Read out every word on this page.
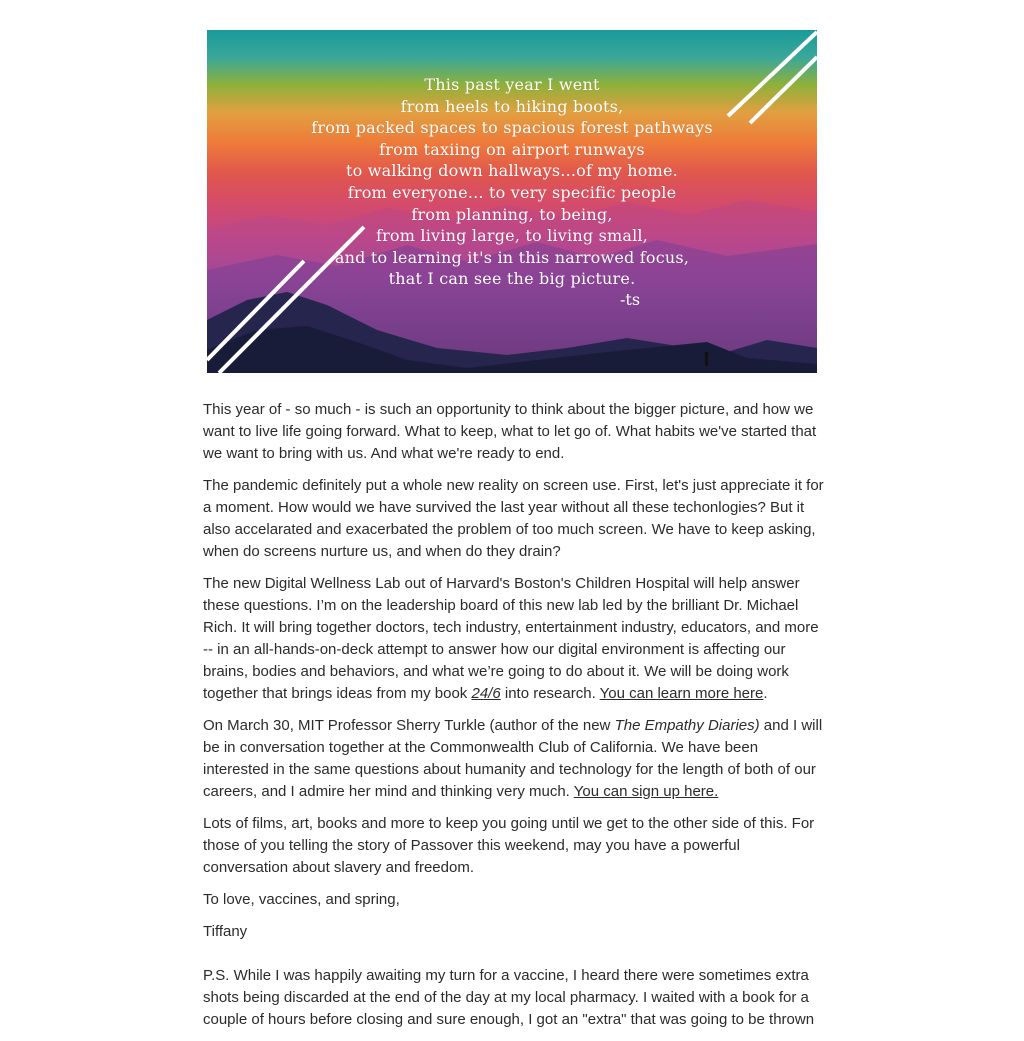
This past year I went
from heels to hiking boots,
from packed spaces to spacious forest pathways
from taxiing on airport runways
to walking down hallways...of my home.
from everyone... to very specific people
from planning, to being,
from living large, to living small,
and to learning it's in this narrowed focus,
that I can see the big picture.
-ts

This year of - so much - is such an opportunity to think about the bigger picture, and how we want to live life going forward. What to keep, what to let go of. What habits we've started that we want to bring with us. And what we're ready to end.

The pandemic definitely put a whole new reality on screen use. First, let's just appreciate it for a moment. How would we have survived the last year without all these techonlogies? But it also accelarated and exacerbated the problem of too much screen. We have to keep asking, when do screens nurture us, and when do they drain?

The new Digital Wellness Lab out of Harvard's Boston's Children Hospital will help answer these questions. I’m on the leadership board of this new lab led by the brilliant Dr. Michael Rich. It will bring together doctors, tech industry, entertainment industry, educators, and more -- in an all-hands-on-deck attempt to answer how our digital environment is affecting our brains, bodies and behaviors, and what we’re going to do about it. We will be doing work together that brings ideas from my book 24/6 into research. You can learn more here.

On March 30, MIT Professor Sherry Turkle (author of the new The Empathy Diaries) and I will be in conversation together at the Commonwealth Club of California. We have been interested in the same questions about humanity and technology for the length of both of our careers, and I admire her mind and thinking very much. You can sign up here.

Lots of films, art, books and more to keep you going until we get to the other side of this. For those of you telling the story of Passover this weekend, may you have a powerful conversation about slavery and freedom.

To love, vaccines, and spring,

Tiffany

P.S. While I was happily awaiting my turn for a vaccine, I heard there were sometimes extra shots being discarded at the end of the day at my local pharmacy. I waited with a book for a couple of hours before closing and sure enough, I got an "extra" that was going to be thrown
